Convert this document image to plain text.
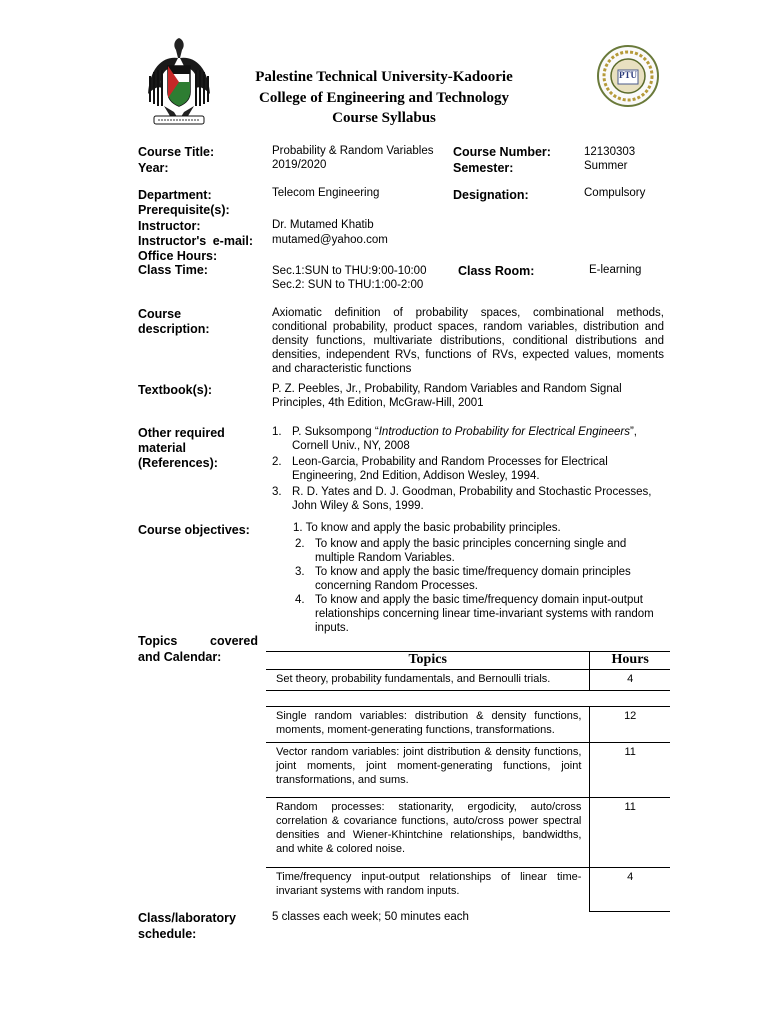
PTU
Palestine Technical University-Kadoorie
College of Engineering and Technology
Course Syllabus
Course Title:	Probability & Random Variables
Year:	2019/2020
Course Number:	12130303
Semester:	Summer
Department:	Telecom Engineering	Designation:	Compulsory
Prerequisite(s):
Instructor:	Dr. Mutamed Khatib
Instructor's e-mail: mutamed@yahoo.com
Office Hours:
Class Time:	Sec.1:SUN to THU:9:00-10:00
Sec.2: SUN to THU:1:00-2:00
Class Room:	E-learning
Course
description:
Axiomatic definition of probability spaces, combinational methods, conditional probability, product spaces, random variables, distribution and density functions, multivariate distributions, conditional distributions and densities, independent RVs, functions of RVs, expected values, moments and characteristic functions
Textbook(s):	P. Z. Peebles, Jr., Probability, Random Variables and Random Signal Principles, 4th Edition, McGraw-Hill, 2001
Other required
material
(References):
1. P. Suksompong “Introduction to Probability for Electrical Engineers”, Cornell Univ., NY, 2008
2. Leon-Garcia, Probability and Random Processes for Electrical Engineering, 2nd Edition, Addison Wesley, 1994.
3. R. D. Yates and D. J. Goodman, Probability and Stochastic Processes, John Wiley & Sons, 1999.
Course objectives:	1. To know and apply the basic probability principles.
2. To know and apply the basic principles concerning single and multiple Random Variables.
3. To know and apply the basic time/frequency domain principles concerning Random Processes.
4. To know and apply the basic time/frequency domain input-output relationships concerning linear time-invariant systems with random inputs.
Topics covered
and Calendar:	Topics	Hours
Set theory, probability fundamentals, and Bernoulli trials.	4

Single random variables: distribution & density functions, moments, moment-generating functions, transformations.	12
Vector random variables: joint distribution & density functions, joint moments, joint moment-generating functions, joint transformations, and sums.	11
Random processes: stationarity, ergodicity, auto/cross correlation & covariance functions, auto/cross power spectral densities and Wiener-Khintchine relationships, bandwidths, and white & colored noise.	11
Time/frequency input-output relationships of linear time-invariant systems with random inputs.	4
Class/laboratory
schedule:
5 classes each week; 50 minutes each
